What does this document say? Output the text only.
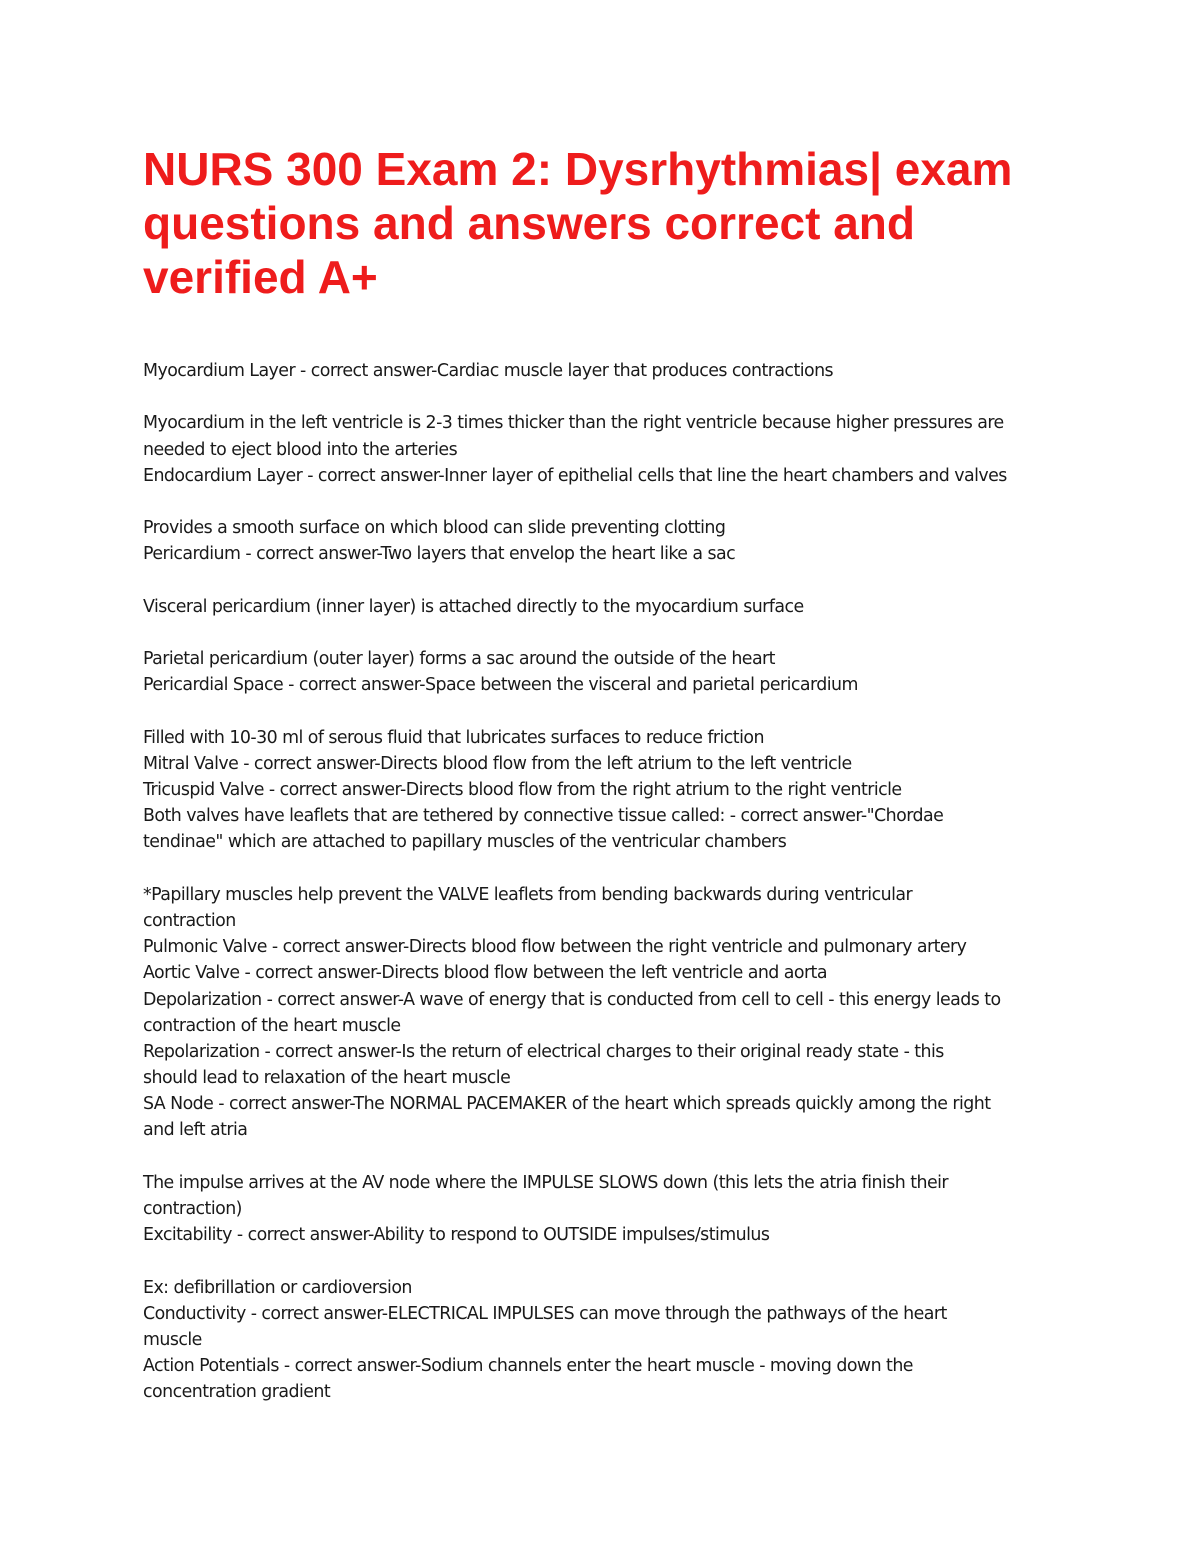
NURS 300 Exam 2: Dysrhythmias| exam
questions and answers correct and
verified A+
Myocardium Layer - correct answer-Cardiac muscle layer that produces contractions
Myocardium in the left ventricle is 2-3 times thicker than the right ventricle because higher pressures are
needed to eject blood into the arteries
Endocardium Layer - correct answer-Inner layer of epithelial cells that line the heart chambers and valves
Provides a smooth surface on which blood can slide preventing clotting
Pericardium - correct answer-Two layers that envelop the heart like a sac
Visceral pericardium (inner layer) is attached directly to the myocardium surface
Parietal pericardium (outer layer) forms a sac around the outside of the heart
Pericardial Space - correct answer-Space between the visceral and parietal pericardium
Filled with 10-30 ml of serous fluid that lubricates surfaces to reduce friction
Mitral Valve - correct answer-Directs blood flow from the left atrium to the left ventricle
Tricuspid Valve - correct answer-Directs blood flow from the right atrium to the right ventricle
Both valves have leaflets that are tethered by connective tissue called: - correct answer-"Chordae
tendinae" which are attached to papillary muscles of the ventricular chambers
*Papillary muscles help prevent the VALVE leaflets from bending backwards during ventricular
contraction
Pulmonic Valve - correct answer-Directs blood flow between the right ventricle and pulmonary artery
Aortic Valve - correct answer-Directs blood flow between the left ventricle and aorta
Depolarization - correct answer-A wave of energy that is conducted from cell to cell - this energy leads to
contraction of the heart muscle
Repolarization - correct answer-Is the return of electrical charges to their original ready state - this
should lead to relaxation of the heart muscle
SA Node - correct answer-The NORMAL PACEMAKER of the heart which spreads quickly among the right
and left atria
The impulse arrives at the AV node where the IMPULSE SLOWS down (this lets the atria finish their
contraction)
Excitability - correct answer-Ability to respond to OUTSIDE impulses/stimulus
Ex: defibrillation or cardioversion
Conductivity - correct answer-ELECTRICAL IMPULSES can move through the pathways of the heart
muscle
Action Potentials - correct answer-Sodium channels enter the heart muscle - moving down the
concentration gradient
